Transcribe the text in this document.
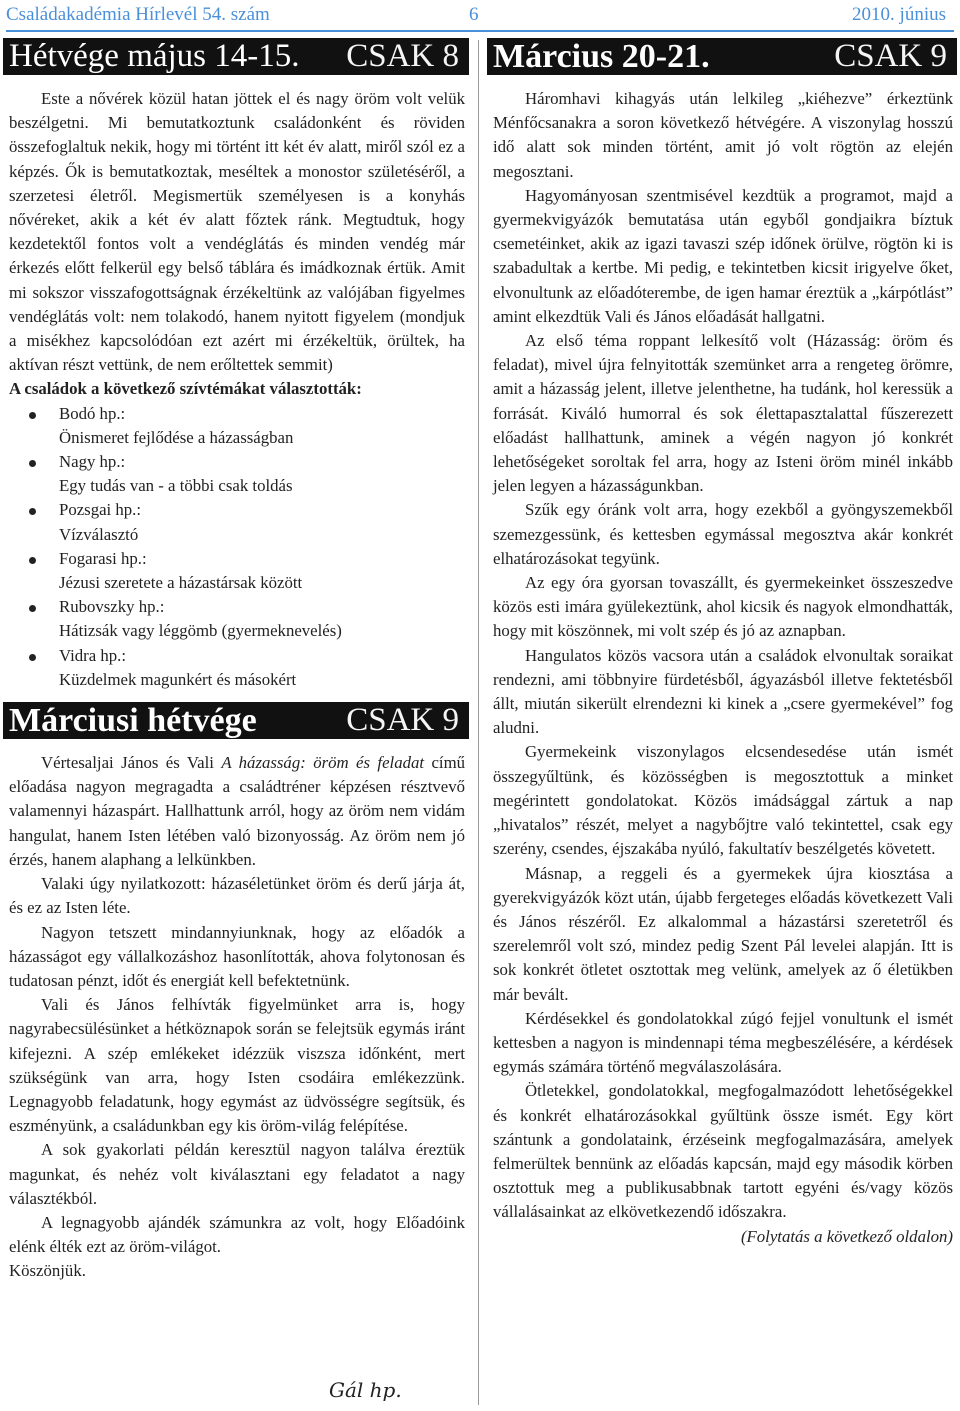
Családakadémia Hírlevél 54. szám	6	2010. június
Hétvége május 14-15. CSAK 8

Este a nővérek közül hatan jöttek el és nagy öröm volt velük beszélgetni. Mi bemutatkoztunk családonként és röviden összefoglaltuk nekik, hogy mi történt itt két év alatt, miről szól ez a képzés. Ők is bemutatkoztak, meséltek a monostor születéséről, a szerzetesi életről. Megismertük személyesen is a konyhás nővéreket, akik a két év alatt főztek ránk. Megtudtuk, hogy kezdetektől fontos volt a vendéglátás és minden vendég már érkezés előtt felkerül egy belső táblára és imádkoznak értük. Amit mi sokszor visszafogottságnak érzékeltünk az valójában figyelmes vendéglátás volt: nem tolakodó, hanem nyitott figyelem (mondjuk a misékhez kapcsolódóan ezt azért mi érzékeltük, örültek, ha aktívan részt vettünk, de nem erőltettek semmit)

A családok a következő szívtémákat választották:

Bodó hp.:
Önismeret fejlődése a házasságban
Nagy hp.:
Egy tudás van - a többi csak toldás
Pozsgai hp.:
Vízválasztó
Fogarasi hp.:
Jézusi szeretete a házastársak között
Rubovszky hp.:
Hátizsák vagy léggömb (gyermeknevelés)
Vidra hp.:
Küzdelmek magunkért és másokért
Márciusi hétvége	CSAK 9

Vértesaljai János és Vali A házasság: öröm és feladat című előadása nagyon megragadta a családtréner képzésen résztvevő valamennyi házaspárt. Hallhattunk arról, hogy az öröm nem vidám hangulat, hanem Isten létében való bizonyosság. Az öröm nem jó érzés, hanem alaphang a lelkünkben.

Valaki úgy nyilatkozott: házaséletünket öröm és derű járja át, és ez az Isten léte.

Nagyon tetszett mindannyiunknak, hogy az előadók a házasságot egy vállalkozáshoz hasonlították, ahova folytonosan és tudatosan pénzt, időt és energiát kell befektetnünk.

Vali és János felhívták figyelmünket arra is, hogy nagyrabecsülésünket a hétköznapok során se felejtsük egymás iránt kifejezni. A szép emlékeket idézzük viszsza időnként, mert szükségünk van arra, hogy Isten csodáira emlékezzünk. Legnagyobb feladatunk, hogy egymást az üdvösségre segítsük, és eszményünk, a családunkban egy kis öröm-világ felépítése.

A sok gyakorlati példán keresztül nagyon találva éreztük magunkat, és nehéz volt kiválasztani egy feladatot a nagy választékból.

A legnagyobb ajándék számunkra az volt, hogy Előadóink elénk élték ezt az öröm-világot.

Köszönjük.

Gál hp.
Március 20-21.	CSAK 9

Háromhavi kihagyás után lelkileg „kiéhezve” érkeztünk Ménfőcsanakra a soron következő hétvégére. A viszonylag hosszú idő alatt sok minden történt, amit jó volt rögtön az elején megosztani.

Hagyományosan szentmisével kezdtük a programot, majd a gyermekvigyázók bemutatása után egyből gondjaikra bíztuk csemetéinket, akik az igazi tavaszi szép időnek örülve, rögtön ki is szabadultak a kertbe. Mi pedig, e tekintetben kicsit irigyelve őket, elvonultunk az előadóterembe, de igen hamar éreztük a „kárpótlást” amint elkezdtük Vali és János előadását hallgatni.

Az első téma roppant lelkesítő volt (Házasság: öröm és feladat), mivel újra felnyitották szemünket arra a rengeteg örömre, amit a házasság jelent, illetve jelenthetne, ha tudánk, hol keressük a forrását. Kiváló humorral és sok élettapasztalattal fűszerezett előadást hallhattunk, aminek a végén nagyon jó konkrét lehetőségeket soroltak fel arra, hogy az Isteni öröm minél inkább jelen legyen a házasságunkban.

Szűk egy óránk volt arra, hogy ezekből a gyöngyszemekből szemezgessünk, és kettesben egymással megosztva akár konkrét elhatározásokat tegyünk.

Az egy óra gyorsan tovaszállt, és gyermekeinket összeszedve közös esti imára gyülekeztünk, ahol kicsik és nagyok elmondhatták, hogy mit köszönnek, mi volt szép és jó az aznapban.

Hangulatos közös vacsora után a családok elvonultak soraikat rendezni, ami többnyire fürdetésből, ágyazásból illetve fektetésből állt, miután sikerült elrendezni ki kinek a „csere gyermekével” fog aludni.

Gyermekeink viszonylagos elcsendesedése után ismét összegyűltünk, és közösségben is megosztottuk a minket megérintett gondolatokat. Közös imádsággal zártuk a nap „hivatalos” részét, melyet a nagybőjtre való tekintettel, csak egy szerény, csendes, éjszakába nyúló, fakultatív beszélgetés követett.

Másnap, a reggeli és a gyermekek újra kiosztása a gyerekvigyázók közt után, újabb fergeteges előadás következett Vali és János részéről. Ez alkalommal a házastársi szeretetről és szerelemről volt szó, mindez pedig Szent Pál levelei alapján. Itt is sok konkrét ötletet osztottak meg velünk, amelyek az ő életükben már bevált.

Kérdésekkel és gondolatokkal zúgó fejjel vonultunk el ismét kettesben a nagyon is mindennapi téma megbeszélésére, a kérdések egymás számára történő megválaszolására.

Ötletekkel, gondolatokkal, megfogalmazódott lehetőségekkel és konkrét elhatározásokkal gyűltünk össze ismét. Egy kört szántunk a gondolataink, érzéseink megfogalmazására, amelyek felmerültek bennünk az előadás kapcsán, majd egy második körben osztottuk meg a publikusabbnak tartott egyéni és/vagy közös vállalásainkat az elkövetkezendő időszakra.

(Folytatás a következő oldalon)
